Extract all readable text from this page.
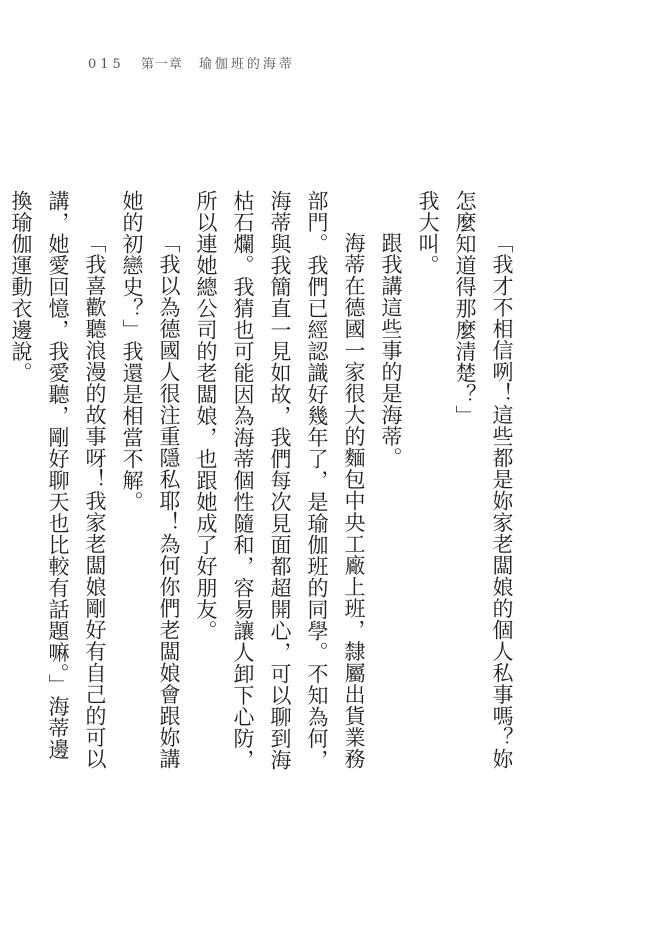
015 第一章 瑜伽班的海蒂

「我才不相信咧！這些都是妳家老闆娘的個人私事嗎？妳怎麼知道得那麼清楚？」

我大叫。

跟我講這些事的是海蒂。

海蒂在德國一家很大的麵包中央工廠上班，隸屬出貨業務部門。我們已經認識好幾年了，是瑜伽班的同學。不知為何，海蒂與我簡直一見如故，我們每次見面都超開心，可以聊到海枯石爛。我猜也可能因為海蒂個性隨和，容易讓人卸下心防，所以連她總公司的老闆娘，也跟她成了好朋友。

「我以為德國人很注重隱私耶！為何你們老闆娘會跟妳講她的初戀史？」我還是相當不解。

「我喜歡聽浪漫的故事呀！我家老闆娘剛好有自己的可以講，她愛回憶，我愛聽，剛好聊天也比較有話題嘛。」海蒂邊換瑜伽運動衣邊說。
